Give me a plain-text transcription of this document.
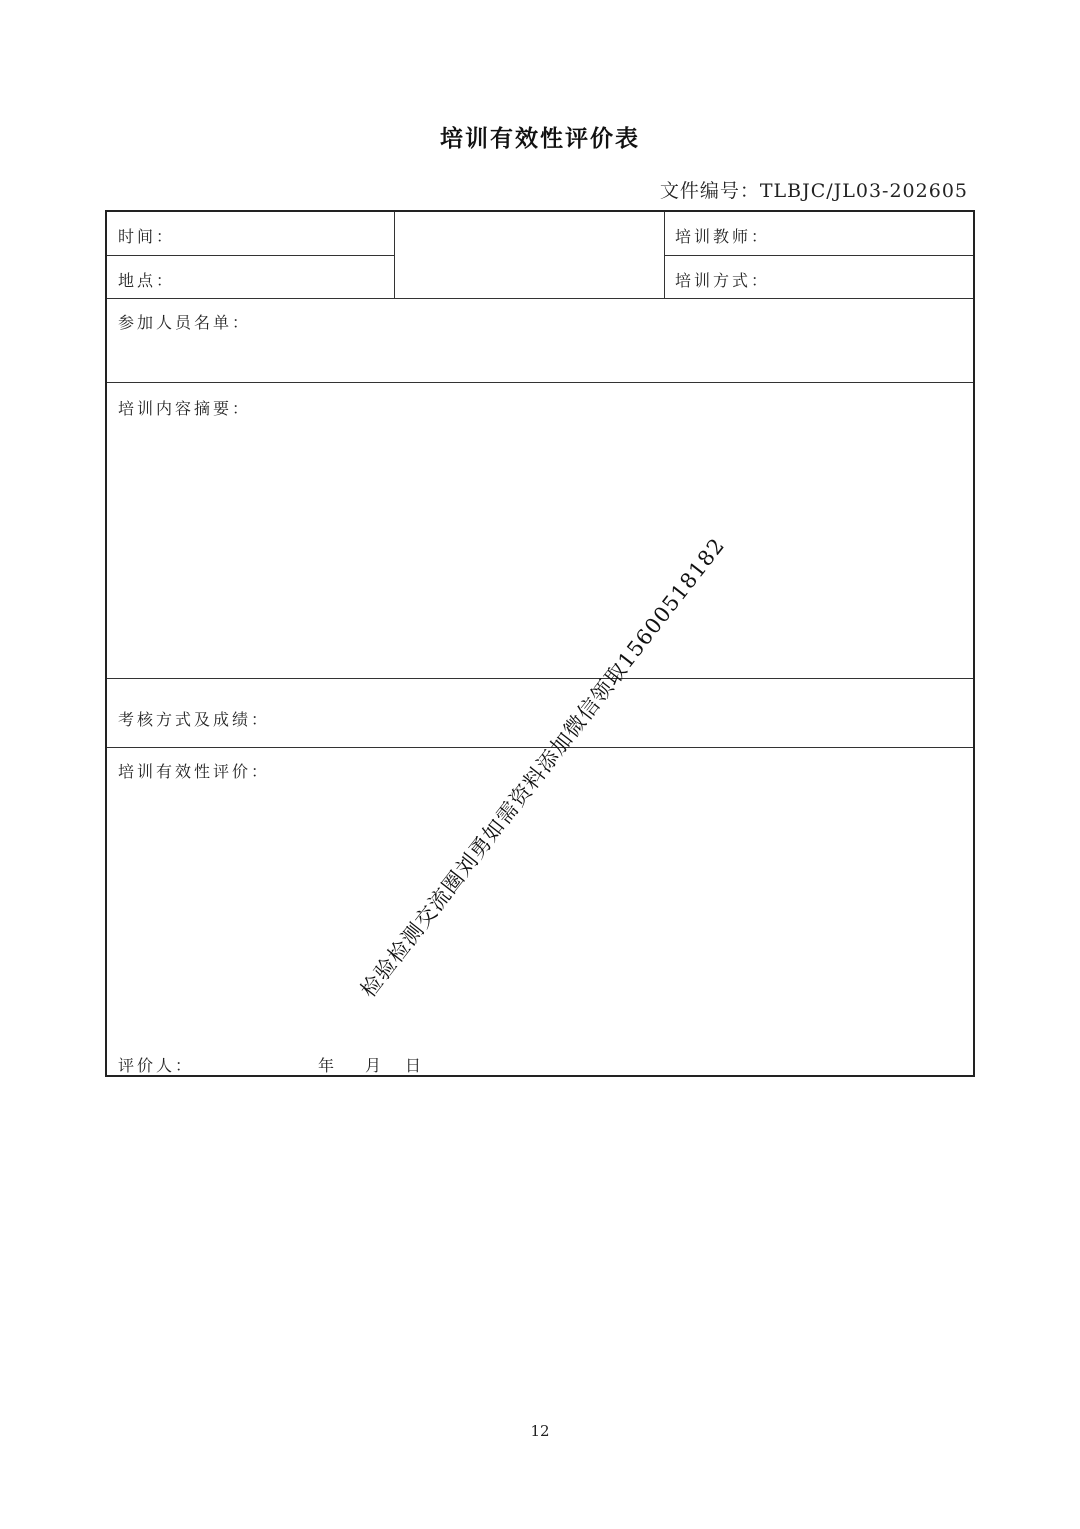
培训有效性评价表
文件编号：TLBJC/JL03-202605
时间：
地点：
培训教师：
培训方式：
参加人员名单：
培训内容摘要：
考核方式及成绩：
培训有效性评价：
评价人：	年 月 日
检验检测交流圈刘勇如需资料添加微信领取15600518182
12
